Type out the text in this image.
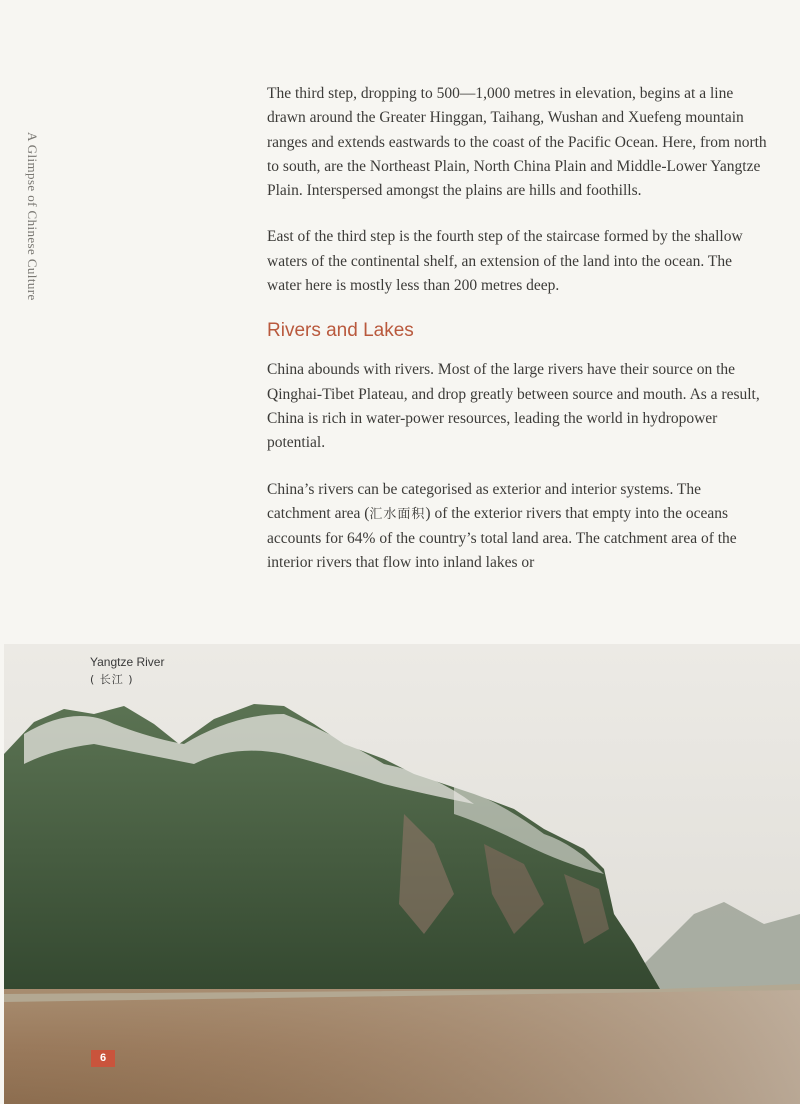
A Glimpse of Chinese Culture

The third step, dropping to 500—1,000 metres in elevation, begins at a line drawn around the Greater Hinggan, Taihang, Wushan and Xuefeng mountain ranges and extends eastwards to the coast of the Pacific Ocean. Here, from north to south, are the Northeast Plain, North China Plain and Middle-Lower Yangtze Plain. Interspersed amongst the plains are hills and foothills.

East of the third step is the fourth step of the staircase formed by the shallow waters of the continental shelf, an extension of the land into the ocean. The water here is mostly less than 200 metres deep.

Rivers and Lakes

China abounds with rivers. Most of the large rivers have their source on the Qinghai-Tibet Plateau, and drop greatly between source and mouth. As a result, China is rich in water-power resources, leading the world in hydropower potential.

China’s rivers can be categorised as exterior and interior systems. The catchment area (汇水面积) of the exterior rivers that empty into the oceans accounts for 64% of the country’s total land area. The catchment area of the interior rivers that flow into inland lakes or

Yangtze River
( 长江 )
6
